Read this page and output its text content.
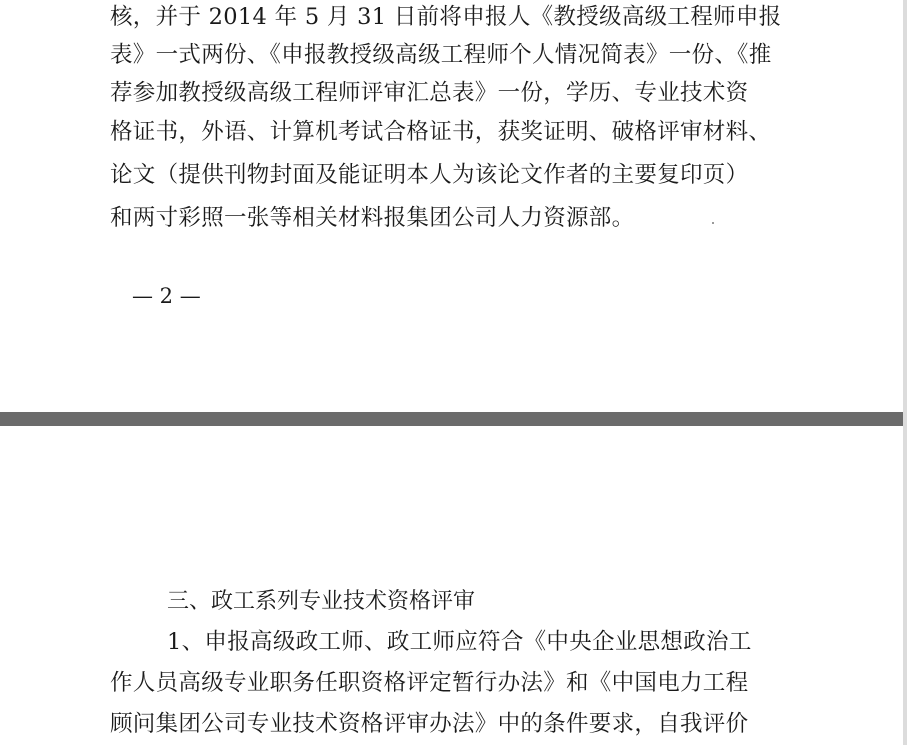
核，并于 2014 年 5 月 31 日前将申报人《教授级高级工程师申报
表》一式两份、《申报教授级高级工程师个人情况简表》一份、《推
荐参加教授级高级工程师评审汇总表》一份，学历、专业技术资
格证书，外语、计算机考试合格证书，获奖证明、破格评审材料、
论文（提供刊物封面及能证明本人为该论文作者的主要复印页）
和两寸彩照一张等相关材料报集团公司人力资源部。
— 2 —
三、政工系列专业技术资格评审
1、申报高级政工师、政工师应符合《中央企业思想政治工
作人员高级专业职务任职资格评定暂行办法》和《中国电力工程
顾问集团公司专业技术资格评审办法》中的条件要求，自我评价
